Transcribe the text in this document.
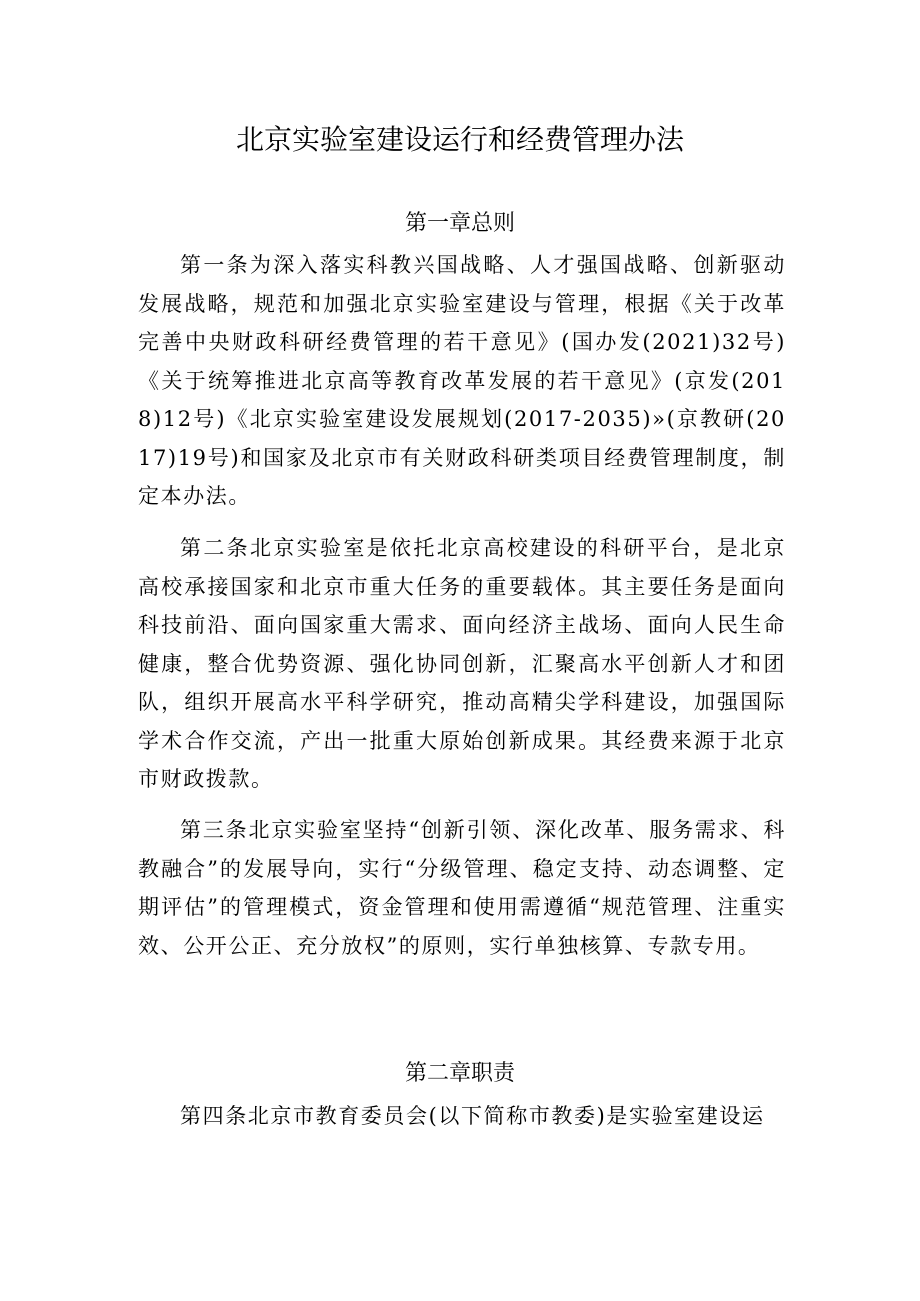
北京实验室建设运行和经费管理办法
第一章总则

第一条为深入落实科教兴国战略、人才强国战略、创新驱动发展战略，规范和加强北京实验室建设与管理，根据《关于改革完善中央财政科研经费管理的若干意见》(国办发(2021)32号)《关于统筹推进北京高等教育改革发展的若干意见》(京发(2018)12号)《北京实验室建设发展规划(2017-2035)»(京教研(2017)19号)和国家及北京市有关财政科研类项目经费管理制度，制定本办法。

第二条北京实验室是依托北京高校建设的科研平台，是北京高校承接国家和北京市重大任务的重要载体。其主要任务是面向科技前沿、面向国家重大需求、面向经济主战场、面向人民生命健康，整合优势资源、强化协同创新，汇聚高水平创新人才和团队，组织开展高水平科学研究，推动高精尖学科建设，加强国际学术合作交流，产出一批重大原始创新成果。其经费来源于北京市财政拨款。

第三条北京实验室坚持“创新引领、深化改革、服务需求、科教融合”的发展导向，实行“分级管理、稳定支持、动态调整、定期评估”的管理模式，资金管理和使用需遵循“规范管理、注重实效、公开公正、充分放权”的原则，实行单独核算、专款专用。

第二章职责

第四条北京市教育委员会(以下简称市教委)是实验室建设运
